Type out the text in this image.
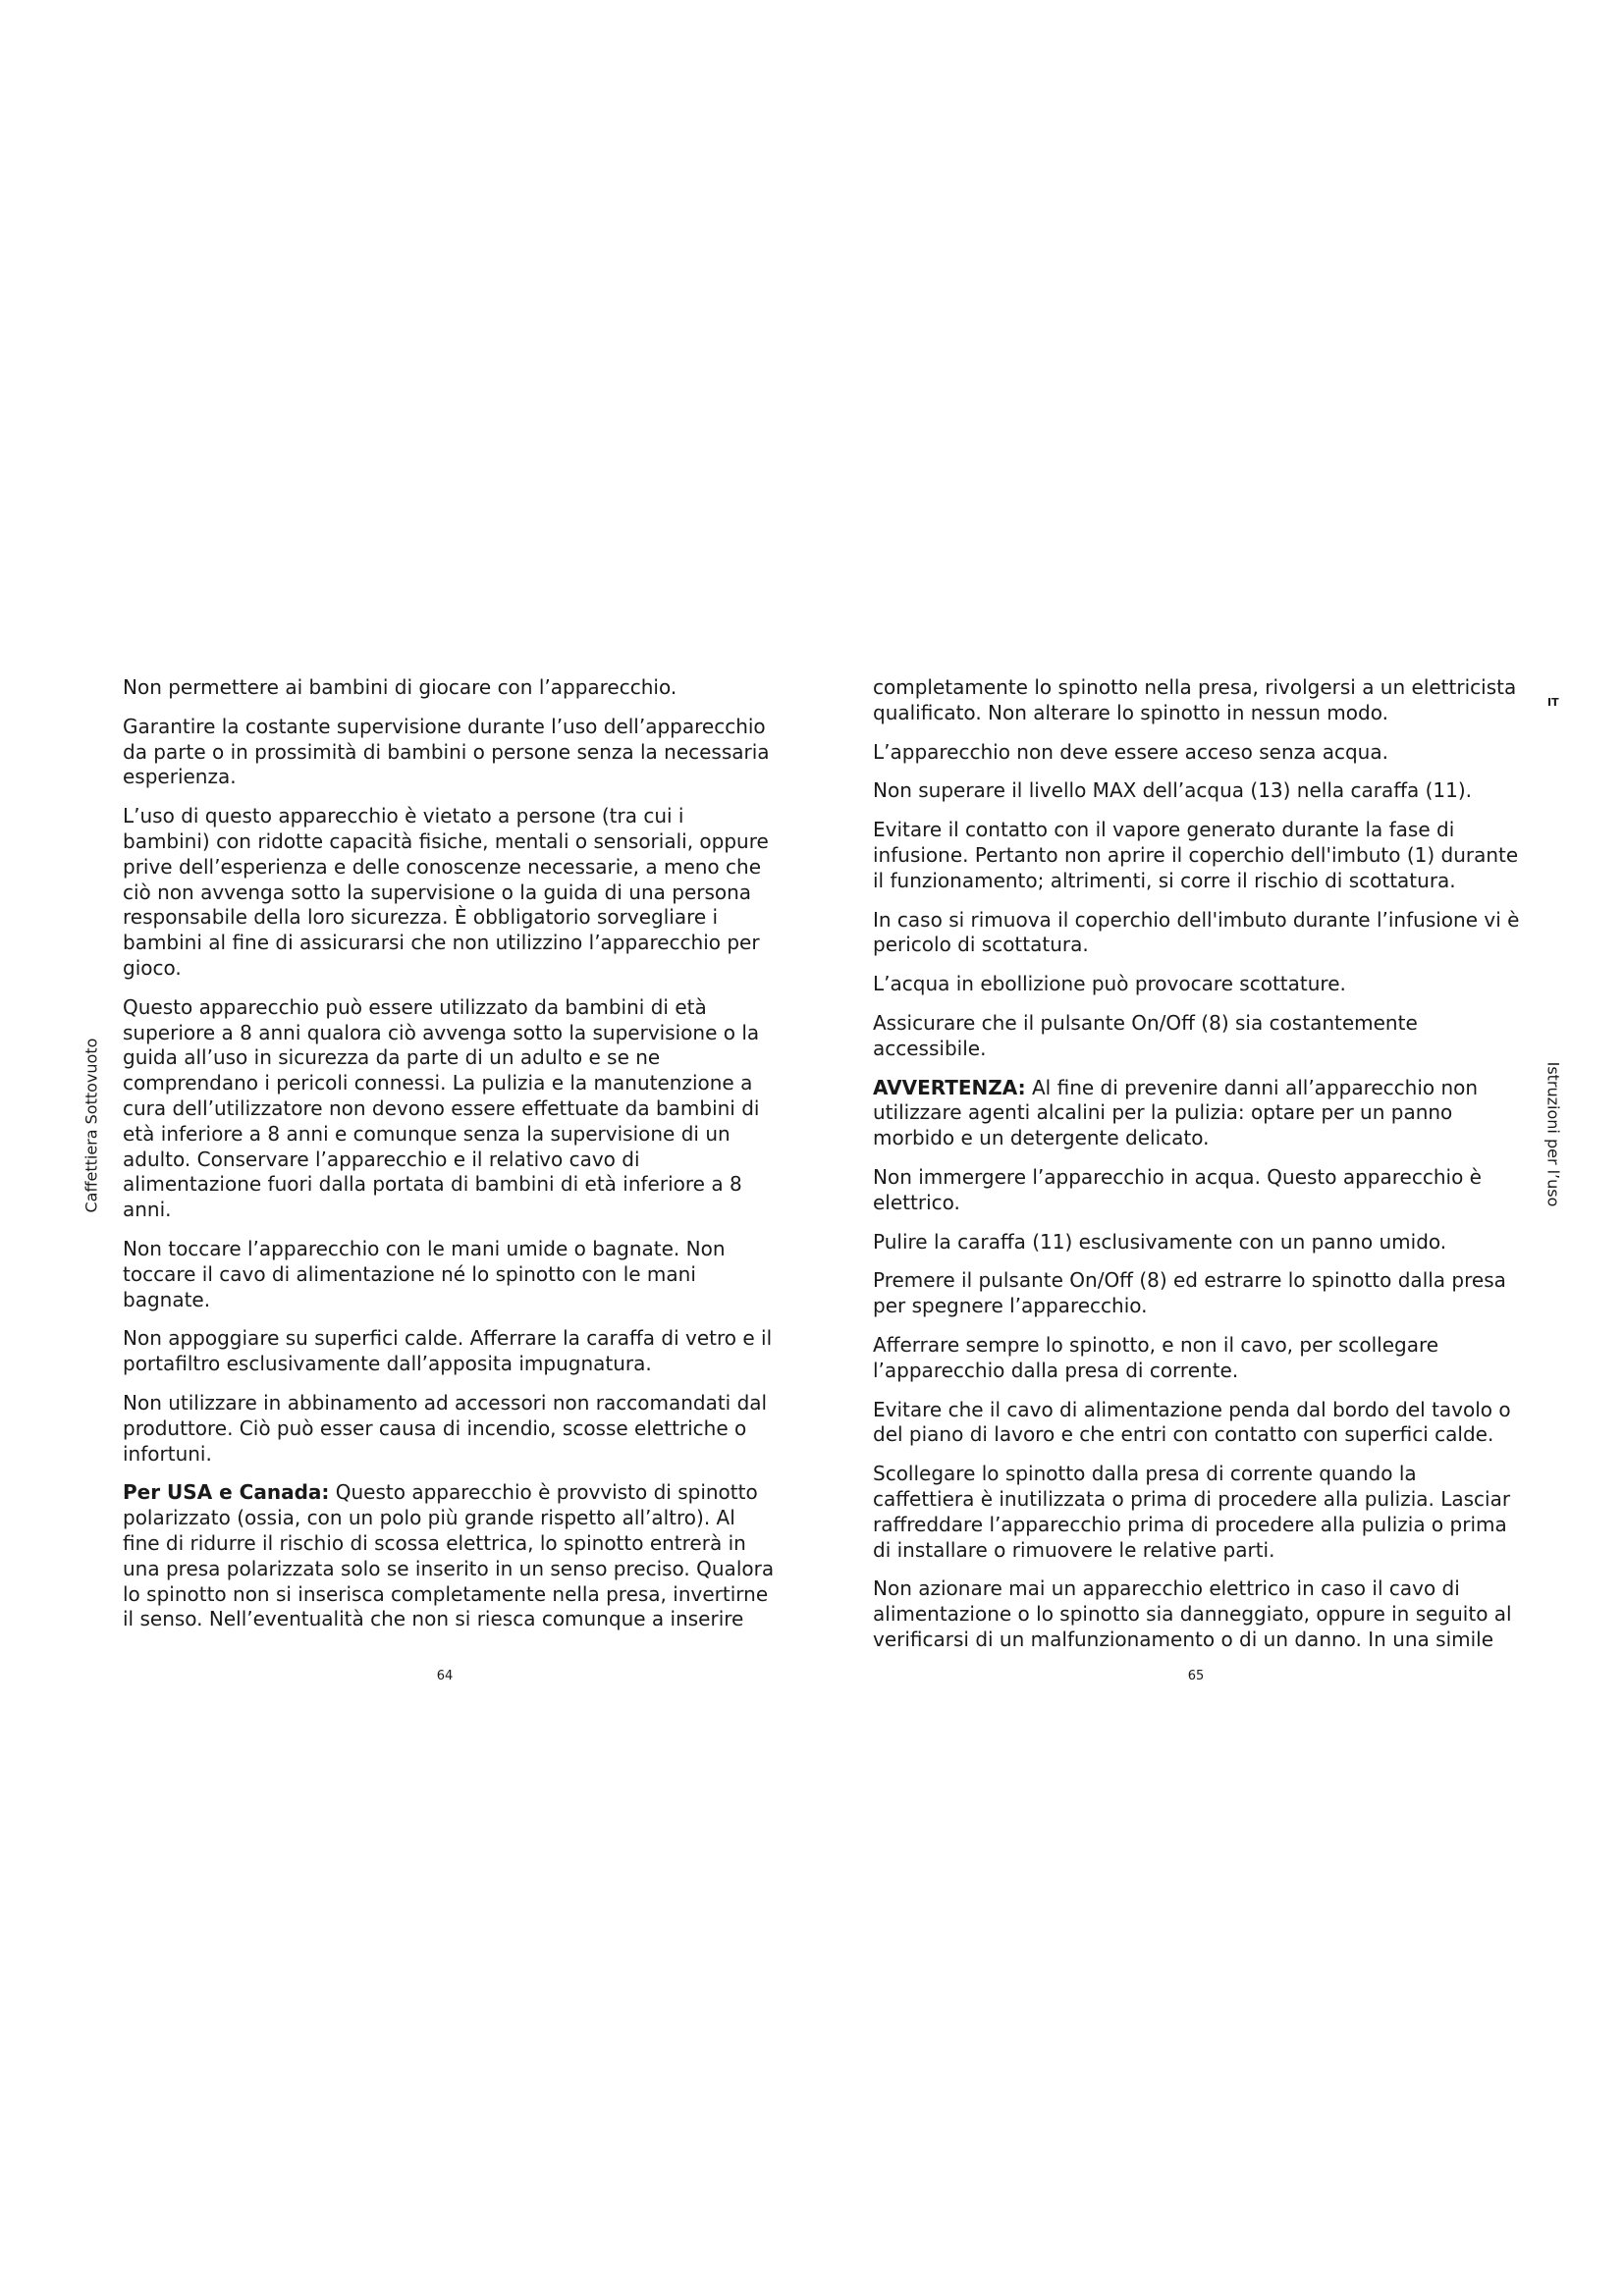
Non permettere ai bambini di giocare con l’apparecchio.

Garantire la costante supervisione durante l’uso dell’apparecchio da parte o in prossimità di bambini o persone senza la necessaria esperienza.

L’uso di questo apparecchio è vietato a persone (tra cui i bambini) con ridotte capacità fisiche, mentali o sensoriali, oppure prive dell’esperienza e delle conoscenze necessarie, a meno che ciò non avvenga sotto la supervisione o la guida di una persona responsabile della loro sicurezza. È obbligatorio sorvegliare i bambini al fine di assicurarsi che non utilizzino l’apparecchio per gioco.

Questo apparecchio può essere utilizzato da bambini di età superiore a 8 anni qualora ciò avvenga sotto la supervisione o la guida all’uso in sicurezza da parte di un adulto e se ne comprendano i pericoli connessi. La pulizia e la manutenzione a cura dell’utilizzatore non devono essere effettuate da bambini di età inferiore a 8 anni e comunque senza la supervisione di un adulto. Conservare l’apparecchio e il relativo cavo di alimentazione fuori dalla portata di bambini di età inferiore a 8 anni.

Non toccare l’apparecchio con le mani umide o bagnate. Non toccare il cavo di alimentazione né lo spinotto con le mani bagnate.

Non appoggiare su superfici calde. Afferrare la caraffa di vetro e il portafiltro esclusivamente dall’apposita impugnatura.

Non utilizzare in abbinamento ad accessori non raccomandati dal produttore. Ciò può esser causa di incendio, scosse elettriche o infortuni.

Per USA e Canada: Questo apparecchio è provvisto di spinotto polarizzato (ossia, con un polo più grande rispetto all’altro). Al fine di ridurre il rischio di scossa elettrica, lo spinotto entrerà in una presa polarizzata solo se inserito in un senso preciso. Qualora lo spinotto non si inserisca completamente nella presa, invertirne il senso. Nell’eventualità che non si riesca comunque a inserire

completamente lo spinotto nella presa, rivolgersi a un elettricista qualificato. Non alterare lo spinotto in nessun modo.

L’apparecchio non deve essere acceso senza acqua.

Non superare il livello MAX dell’acqua (13) nella caraffa (11).

Evitare il contatto con il vapore generato durante la fase di infusione. Pertanto non aprire il coperchio dell'imbuto (1) durante il funzionamento; altrimenti, si corre il rischio di scottatura.

In caso si rimuova il coperchio dell'imbuto durante l’infusione vi è pericolo di scottatura.

L’acqua in ebollizione può provocare scottature.

Assicurare che il pulsante On/Off (8) sia costantemente accessibile.

AVVERTENZA: Al fine di prevenire danni all’apparecchio non utilizzare agenti alcalini per la pulizia: optare per un panno morbido e un detergente delicato.

Non immergere l’apparecchio in acqua. Questo apparecchio è elettrico.

Pulire la caraffa (11) esclusivamente con un panno umido.

Premere il pulsante On/Off (8) ed estrarre lo spinotto dalla presa per spegnere l’apparecchio.

Afferrare sempre lo spinotto, e non il cavo, per scollegare l’apparecchio dalla presa di corrente.

Evitare che il cavo di alimentazione penda dal bordo del tavolo o del piano di lavoro e che entri con contatto con superfici calde.

Scollegare lo spinotto dalla presa di corrente quando la caffettiera è inutilizzata o prima di procedere alla pulizia. Lasciar raffreddare l’apparecchio prima di procedere alla pulizia o prima di installare o rimuovere le relative parti.

Non azionare mai un apparecchio elettrico in caso il cavo di alimentazione o lo spinotto sia danneggiato, oppure in seguito al verificarsi di un malfunzionamento o di un danno. In una simile

Caffettiera Sottovuoto	Istruzioni per l’uso
IT
64	65
